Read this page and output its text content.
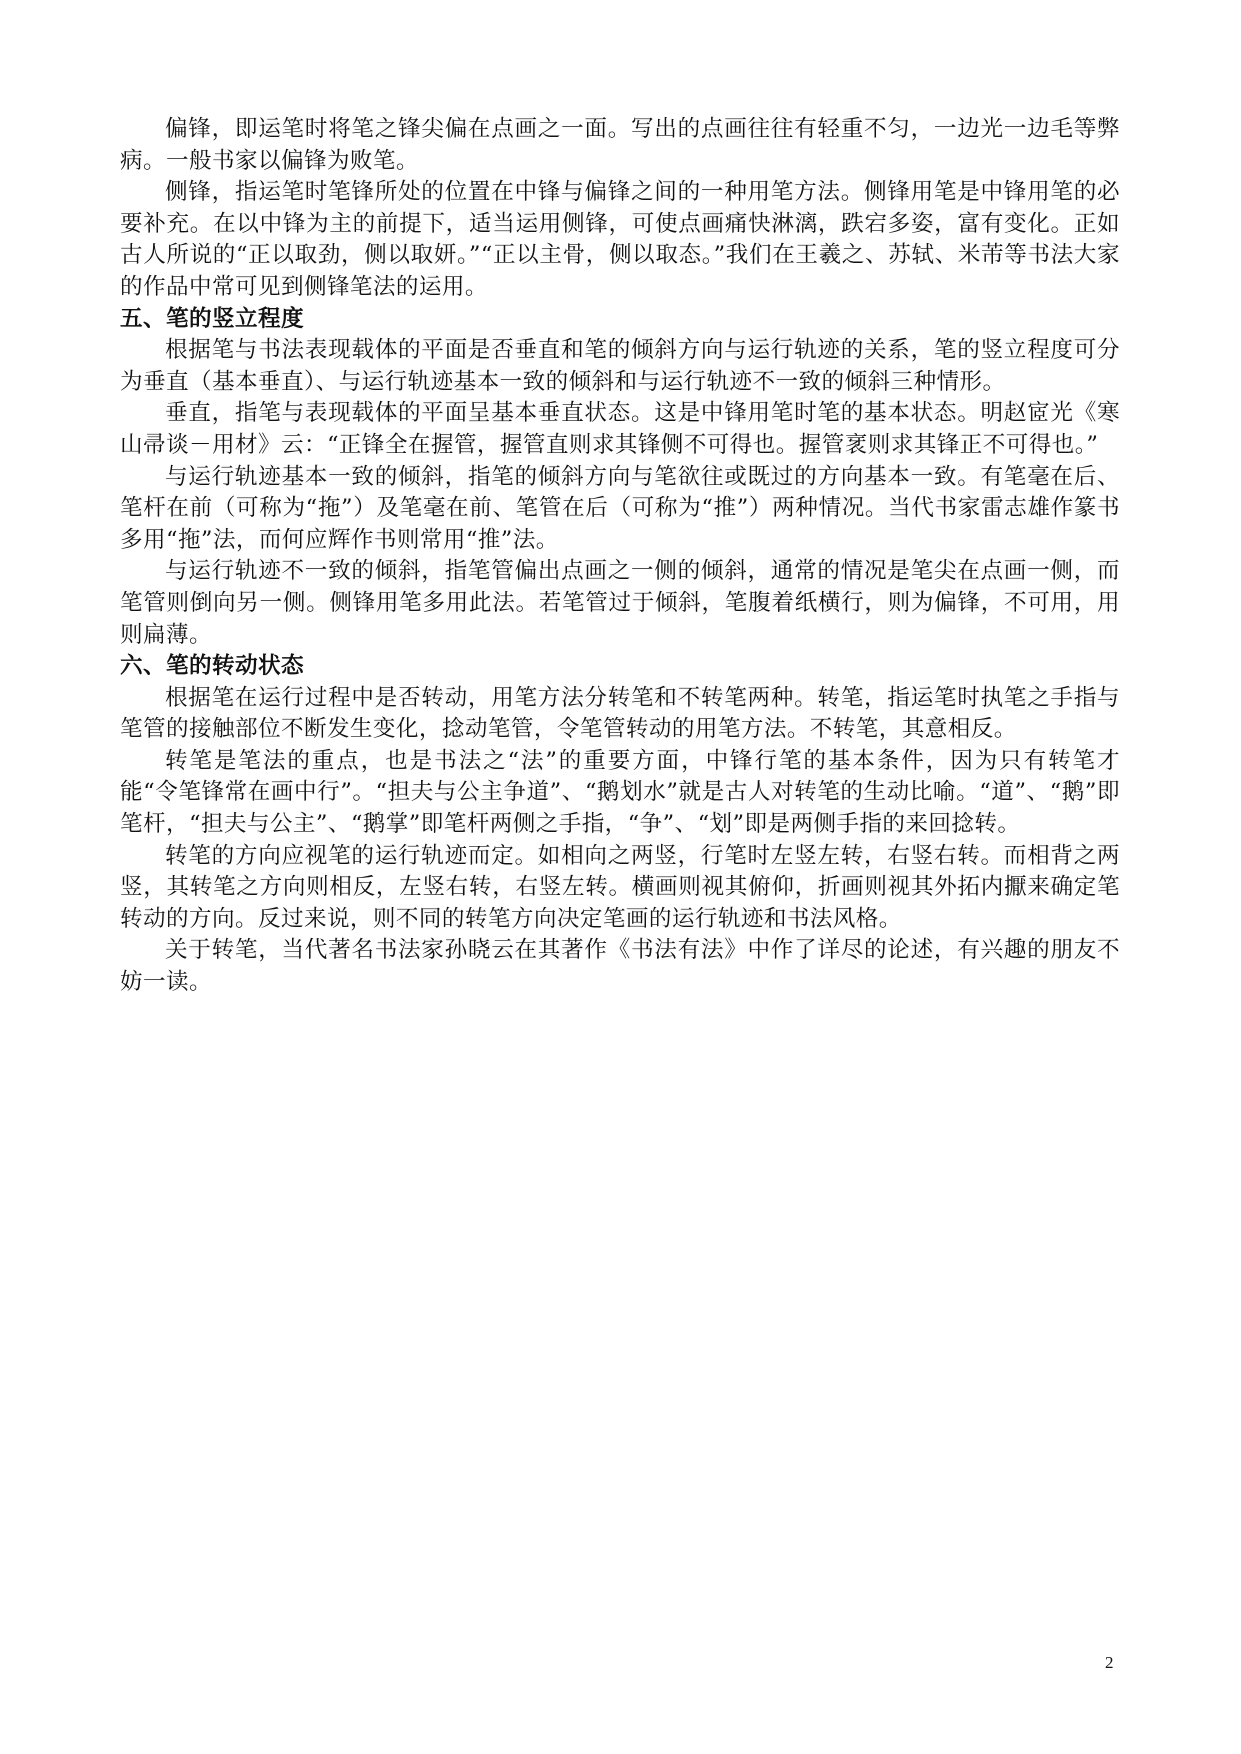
偏锋，即运笔时将笔之锋尖偏在点画之一面。写出的点画往往有轻重不匀，一边光一边毛等弊病。一般书家以偏锋为败笔。

侧锋，指运笔时笔锋所处的位置在中锋与偏锋之间的一种用笔方法。侧锋用笔是中锋用笔的必要补充。在以中锋为主的前提下，适当运用侧锋，可使点画痛快淋漓，跌宕多姿，富有变化。正如古人所说的“正以取劲，侧以取妍。”“正以主骨，侧以取态。”我们在王羲之、苏轼、米芾等书法大家的作品中常可见到侧锋笔法的运用。

五、笔的竖立程度

根据笔与书法表现载体的平面是否垂直和笔的倾斜方向与运行轨迹的关系，笔的竖立程度可分为垂直（基本垂直）、与运行轨迹基本一致的倾斜和与运行轨迹不一致的倾斜三种情形。

垂直，指笔与表现载体的平面呈基本垂直状态。这是中锋用笔时笔的基本状态。明赵宧光《寒山帚谈－用材》云：“正锋全在握管，握管直则求其锋侧不可得也。握管衺则求其锋正不可得也。”

与运行轨迹基本一致的倾斜，指笔的倾斜方向与笔欲往或既过的方向基本一致。有笔毫在后、笔杆在前（可称为“拖”）及笔毫在前、笔管在后（可称为“推”）两种情况。当代书家雷志雄作篆书多用“拖”法，而何应辉作书则常用“推”法。

与运行轨迹不一致的倾斜，指笔管偏出点画之一侧的倾斜，通常的情况是笔尖在点画一侧，而笔管则倒向另一侧。侧锋用笔多用此法。若笔管过于倾斜，笔腹着纸横行，则为偏锋，不可用，用则扁薄。

六、笔的转动状态

根据笔在运行过程中是否转动，用笔方法分转笔和不转笔两种。转笔，指运笔时执笔之手指与笔管的接触部位不断发生变化，捻动笔管，令笔管转动的用笔方法。不转笔，其意相反。

转笔是笔法的重点，也是书法之“法”的重要方面，中锋行笔的基本条件，因为只有转笔才能“令笔锋常在画中行”。“担夫与公主争道”、“鹅划水”就是古人对转笔的生动比喻。“道”、“鹅”即笔杆，“担夫与公主”、“鹅掌”即笔杆两侧之手指，“争”、“划”即是两侧手指的来回捻转。

转笔的方向应视笔的运行轨迹而定。如相向之两竖，行笔时左竖左转，右竖右转。而相背之两竖，其转笔之方向则相反，左竖右转，右竖左转。横画则视其俯仰，折画则视其外拓内擫来确定笔转动的方向。反过来说，则不同的转笔方向决定笔画的运行轨迹和书法风格。

关于转笔，当代著名书法家孙晓云在其著作《书法有法》中作了详尽的论述，有兴趣的朋友不妨一读。

2
